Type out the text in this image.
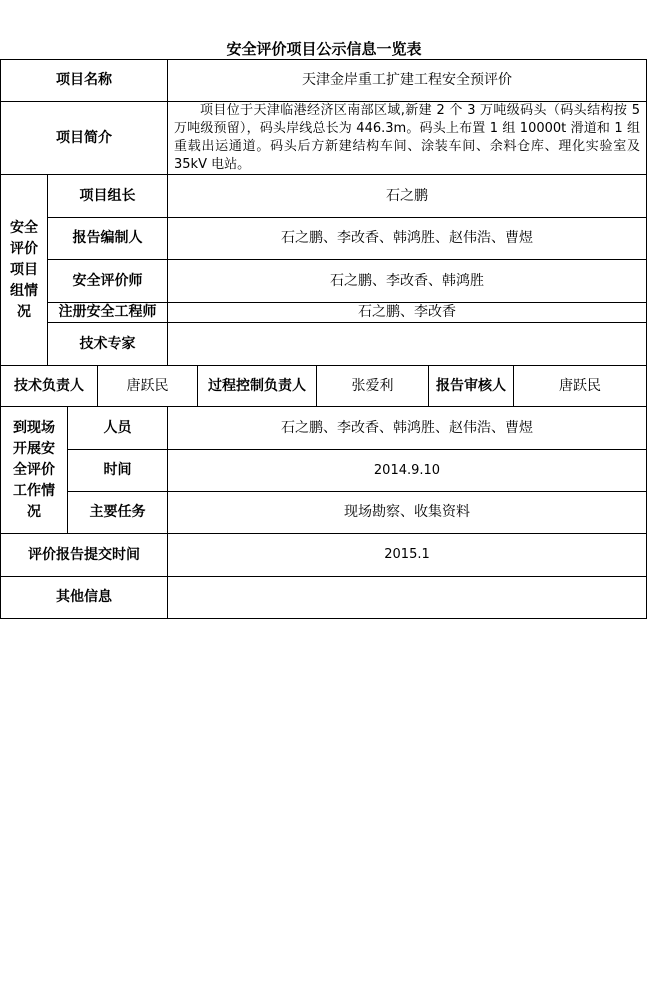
安全评价项目公示信息一览表
项目名称	天津金岸重工扩建工程安全预评价
项目简介
项目位于天津临港经济区南部区域,新建 2 个 3 万吨级码头（码头结构按 5 万吨级预留），码头岸线总长为 446.3m。码头上布置 1 组 10000t 滑道和 1 组重载出运通道。码头后方新建结构车间、涂装车间、余料仓库、理化实验室及 35kV 电站。
安全评价项目组情况
项目组长	石之鹏
报告编制人	石之鹏、李改香、韩鸿胜、赵伟浩、曹煜
安全评价师	石之鹏、李改香、韩鸿胜
注册安全工程师	石之鹏、李改香
技术专家
技术负责人	唐跃民	过程控制负责人	张爱利	报告审核人	唐跃民
到现场开展安全评价工作情况
人员	石之鹏、李改香、韩鸿胜、赵伟浩、曹煜
时间	2014.9.10
主要任务	现场勘察、收集资料
评价报告提交时间	2015.1
其他信息
